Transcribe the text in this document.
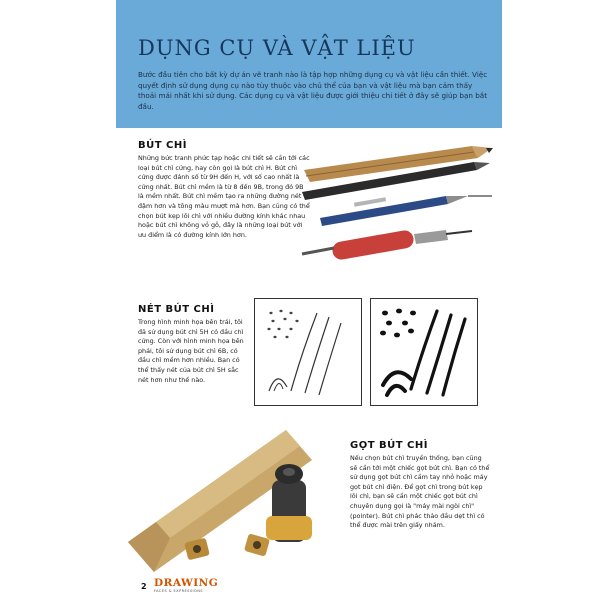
DỤNG CỤ VÀ VẬT LIỆU

Bước đầu tiên cho bất kỳ dự án vẽ tranh nào là tập hợp những dụng cụ và vật liệu cần thiết. Việc quyết định sử dụng dụng cụ nào tùy thuộc vào chủ thể của bạn và vật liệu mà bạn cảm thấy thoải mái nhất khi sử dụng. Các dụng cụ và vật liệu được giới thiệu chi tiết ở đây sẽ giúp bạn bắt đầu.

BÚT CHÌ

Những bức tranh phức tạp hoặc chi tiết sẽ cần tới các loại bút chì cứng, hay còn gọi là bút chì H. Bút chì cứng được đánh số từ 9H đến H, với số cao nhất là cứng nhất. Bút chì mềm là từ 8 đến 9B, trong đó 9B là mềm nhất. Bút chì mềm tạo ra những đường nét đậm hơn và tông màu mượt mà hơn. Bạn cũng có thể chọn bút kẹp lõi chì với nhiều đường kính khác nhau hoặc bút chì không vỏ gỗ, đây là những loại bút với ưu điểm là có đường kính lớn hơn.

NÉT BÚT CHÌ

Trong hình minh họa bên trái, tôi đã sử dụng bút chì 5H có đầu chì cứng. Còn với hình minh họa bên phải, tôi sử dụng bút chì 6B, có đầu chì mềm hơn nhiều. Bạn có thể thấy nét của bút chì 5H sắc nét hơn như thế nào.

GỌT BÚT CHÌ

Nếu chọn bút chì truyền thống, bạn cũng sẽ cần tới một chiếc gọt bút chì. Bạn có thể sử dụng gọt bút chì cầm tay nhỏ hoặc máy gọt bút chì điện. Để gọt chì trong bút kẹp lõi chì, bạn sẽ cần một chiếc gọt bút chì chuyên dụng gọi là "máy mài ngòi chì" (pointer). Bút chì phác thảo đầu dẹt thì có thể được mài trên giấy nhám.

2 DRAWING
FACES & EXPRESSIONS
